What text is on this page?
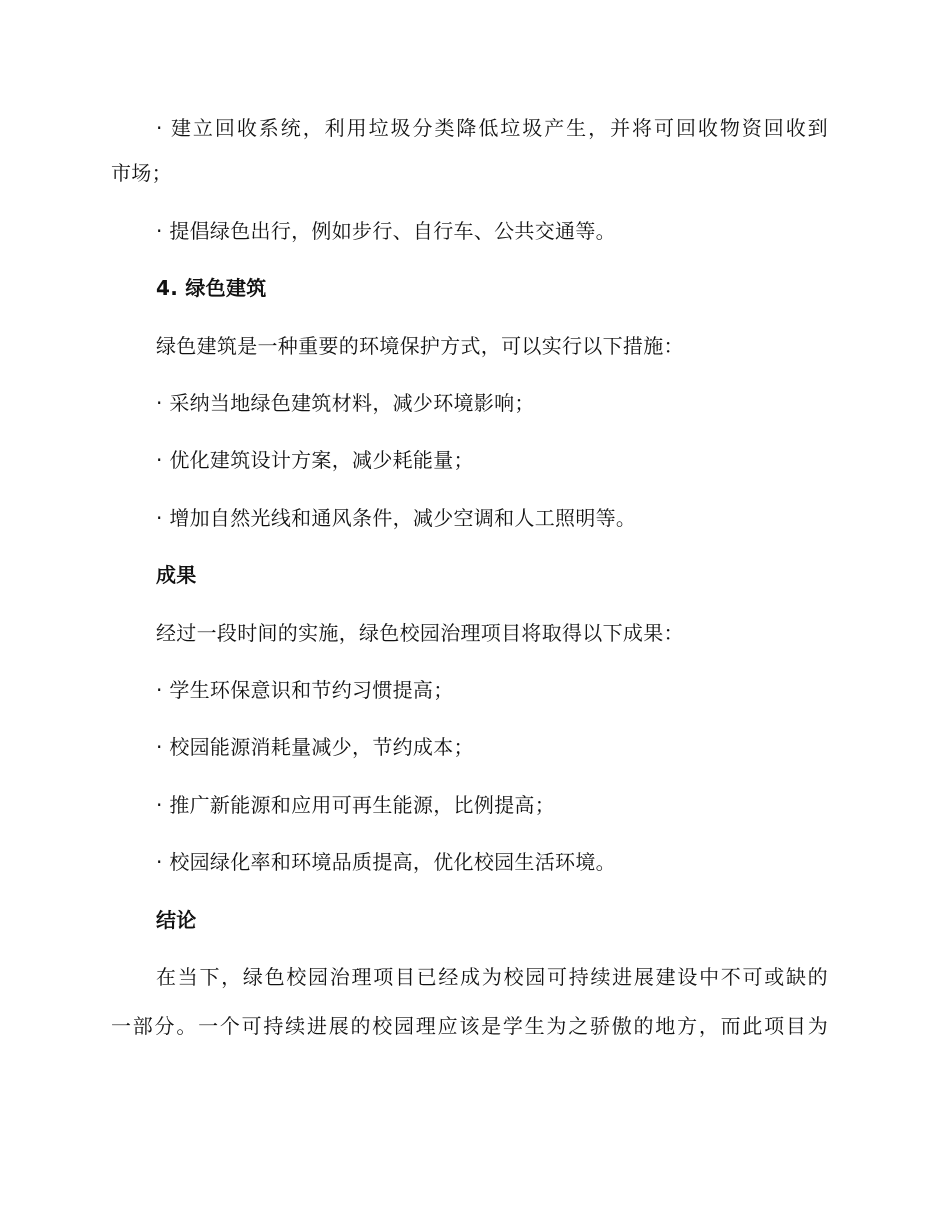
· 建立回收系统，利用垃圾分类降低垃圾产生，并将可回收物资回收到

市场；

· 提倡绿色出行，例如步行、自行车、公共交通等。

4. 绿色建筑

绿色建筑是一种重要的环境保护方式，可以实行以下措施：

· 采纳当地绿色建筑材料，减少环境影响；

· 优化建筑设计方案，减少耗能量；

· 增加自然光线和通风条件，减少空调和人工照明等。

成果

经过一段时间的实施，绿色校园治理项目将取得以下成果：

· 学生环保意识和节约习惯提高；

· 校园能源消耗量减少，节约成本；

· 推广新能源和应用可再生能源，比例提高；

· 校园绿化率和环境品质提高，优化校园生活环境。

结论

在当下，绿色校园治理项目已经成为校园可持续进展建设中不可或缺的

一部分。一个可持续进展的校园理应该是学生为之骄傲的地方，而此项目为
